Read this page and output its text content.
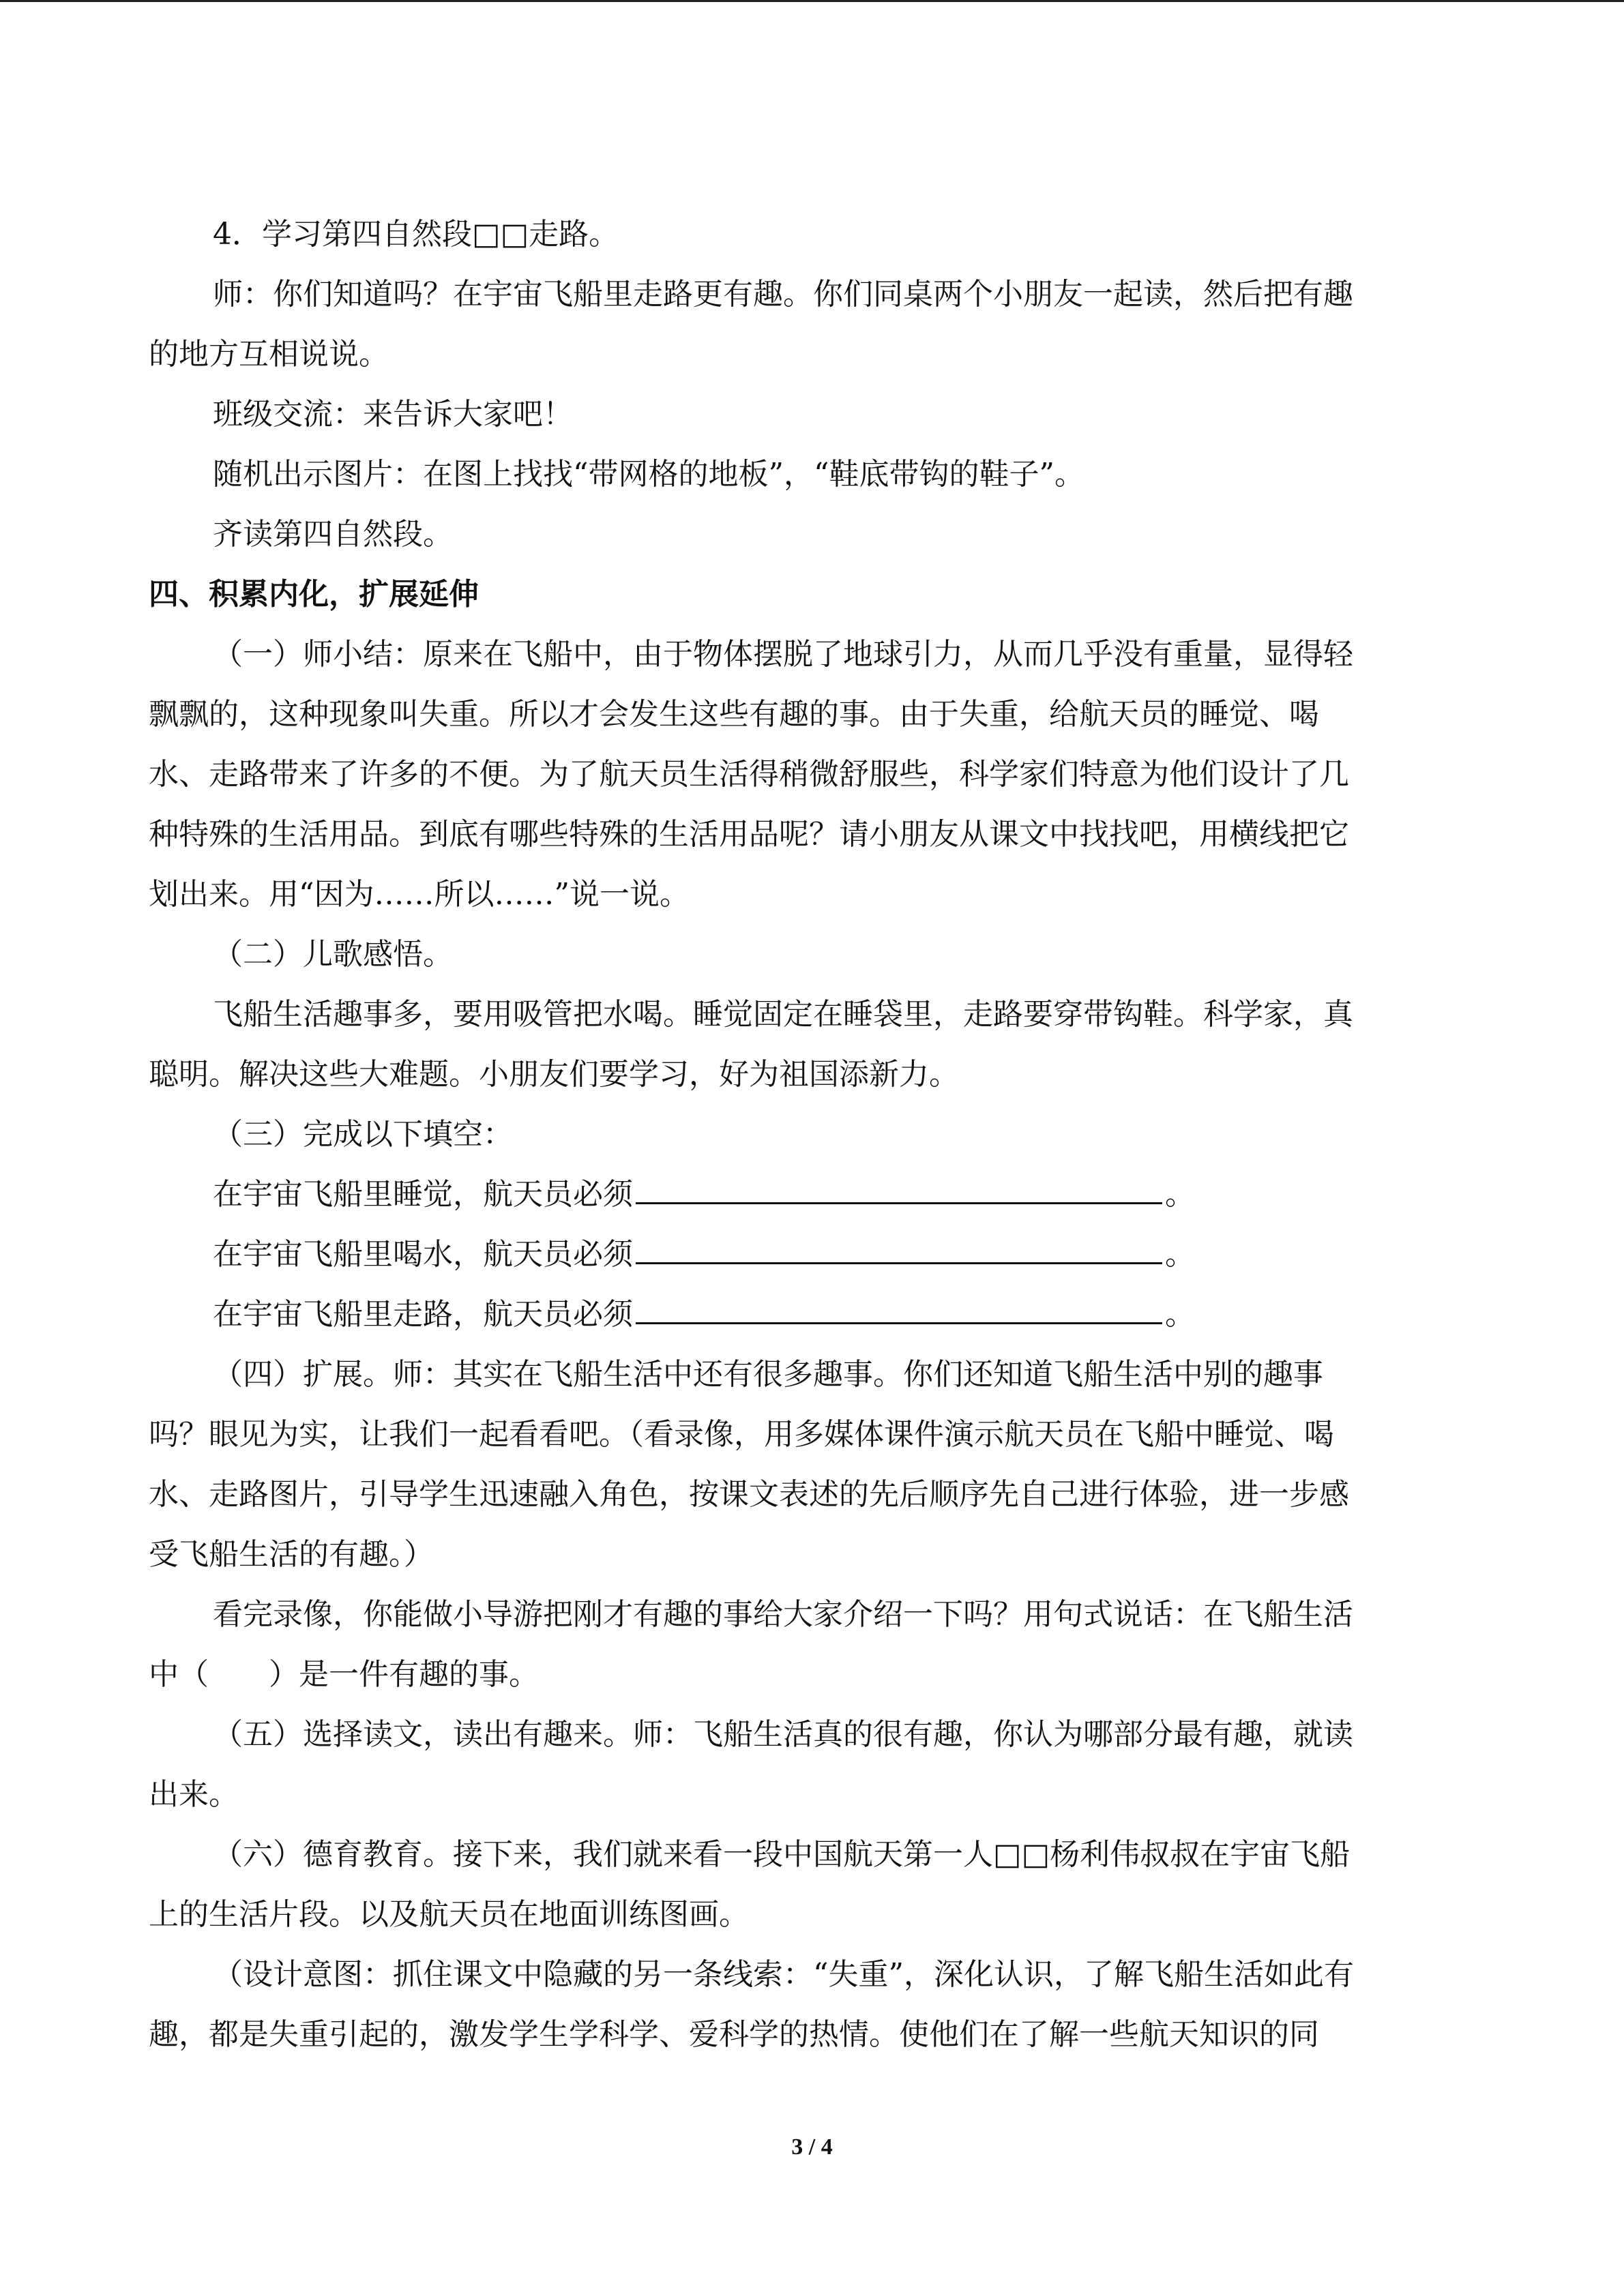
4．学习第四自然段□□走路。
师：你们知道吗？在宇宙飞船里走路更有趣。你们同桌两个小朋友一起读，然后把有趣
的地方互相说说。
班级交流：来告诉大家吧！
随机出示图片：在图上找找“带网格的地板”，“鞋底带钩的鞋子”。
齐读第四自然段。
四、积累内化，扩展延伸
（一）师小结：原来在飞船中，由于物体摆脱了地球引力，从而几乎没有重量，显得轻
飘飘的，这种现象叫失重。所以才会发生这些有趣的事。由于失重，给航天员的睡觉、喝
水、走路带来了许多的不便。为了航天员生活得稍微舒服些，科学家们特意为他们设计了几
种特殊的生活用品。到底有哪些特殊的生活用品呢？请小朋友从课文中找找吧，用横线把它
划出来。用“因为……所以……”说一说。
（二）儿歌感悟。
飞船生活趣事多，要用吸管把水喝。睡觉固定在睡袋里，走路要穿带钩鞋。科学家，真
聪明。解决这些大难题。小朋友们要学习，好为祖国添新力。
（三）完成以下填空：
在宇宙飞船里睡觉，航天员必须	。
在宇宙飞船里喝水，航天员必须	。
在宇宙飞船里走路，航天员必须	。
（四）扩展。师：其实在飞船生活中还有很多趣事。你们还知道飞船生活中别的趣事
吗？眼见为实，让我们一起看看吧。（看录像，用多媒体课件演示航天员在飞船中睡觉、喝
水、走路图片，引导学生迅速融入角色，按课文表述的先后顺序先自己进行体验，进一步感
受飞船生活的有趣。）
看完录像，你能做小导游把刚才有趣的事给大家介绍一下吗？用句式说话：在飞船生活
中（　　）是一件有趣的事。
（五）选择读文，读出有趣来。师：飞船生活真的很有趣，你认为哪部分最有趣，就读
出来。
（六）德育教育。接下来，我们就来看一段中国航天第一人□□杨利伟叔叔在宇宙飞船
上的生活片段。以及航天员在地面训练图画。
（设计意图：抓住课文中隐藏的另一条线索：“失重”，深化认识，了解飞船生活如此有
趣，都是失重引起的，激发学生学科学、爱科学的热情。使他们在了解一些航天知识的同
3 / 4
